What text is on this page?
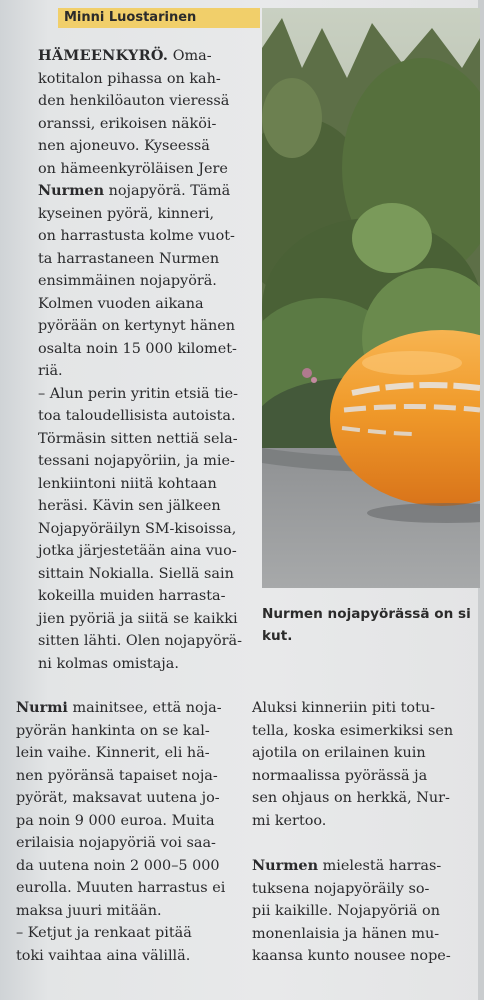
Minni Luostarinen

HÄMEENKYRÖ. Oma-
kotitalon pihassa on kah-
den henkilöauton vieressä
oranssi, erikoisen näköi-
nen ajoneuvo. Kyseessä
on hämeenkyröläisen Jere
Nurmen nojapyörä. Tämä
kyseinen pyörä, kinneri,
on harrastusta kolme vuot-
ta harrastaneen Nurmen
ensimmäinen nojapyörä.
Kolmen vuoden aikana
pyörään on kertynyt hänen
osalta noin 15 000 kilomet-
riä.

– Alun perin yritin etsiä tie-
toa taloudellisista autoista.
Törmäsin sitten nettiä sela-
tessani nojapyöriin, ja mie-
lenkiintoni niitä kohtaan
heräsi. Kävin sen jälkeen
Nojapyöräilyn SM-kisoissa,
jotka järjestetään aina vuo-
sittain Nokialla. Siellä sain
kokeilla muiden harrasta-
jien pyöriä ja siitä se kaikki
sitten lähti. Olen nojapyörä-
ni kolmas omistaja.

Nurmen nojapyörässä on si
kut.

Nurmi mainitsee, että noja-
pyörän hankinta on se kal-
lein vaihe. Kinnerit, eli hä-
nen pyöränsä tapaiset noja-
pyörät, maksavat uutena jo-
pa noin 9 000 euroa. Muita
erilaisia nojapyöriä voi saa-
da uutena noin 2 000–5 000
eurolla. Muuten harrastus ei
maksa juuri mitään.
– Ketjut ja renkaat pitää
toki vaihtaa aina välillä.

Aluksi kinneriin piti totu-
tella, koska esimerkiksi sen
ajotila on erilainen kuin
normaalissa pyörässä ja
sen ohjaus on herkkä, Nur-
mi kertoo.

Nurmen mielestä harras-
tuksena nojapyöräily so-
pii kaikille. Nojapyöriä on
monenlaisia ja hänen mu-
kaansa kunto nousee nope-
